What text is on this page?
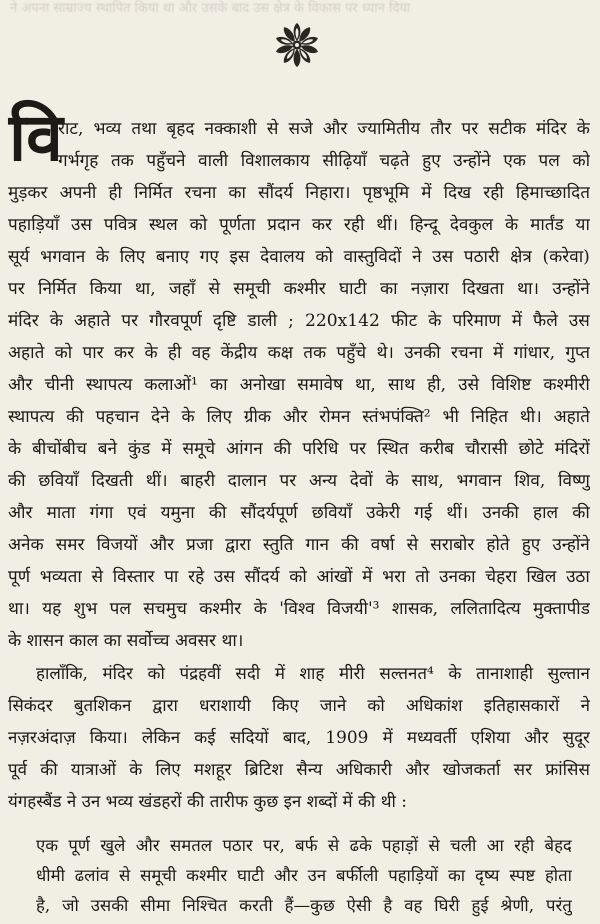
ने अपना साम्राज्य स्थापित किया था और उसके बाद उस क्षेत्र के विकास पर ध्यान दिया
वि
राट, भव्य तथा बृहद नक्काशी से सजे और ज्यामितीय तौर पर सटीक मंदिर के
गर्भगृह तक पहुँचने वाली विशालकाय सीढ़ियाँ चढ़ते हुए उन्होंने एक पल को
मुड़कर अपनी ही निर्मित रचना का सौंदर्य निहारा। पृष्ठभूमि में दिख रही हिमाच्छादित
पहाड़ियाँ उस पवित्र स्थल को पूर्णता प्रदान कर रही थीं। हिन्दू देवकुल के मार्तंड या
सूर्य भगवान के लिए बनाए गए इस देवालय को वास्तुविदों ने उस पठारी क्षेत्र (करेवा)
पर निर्मित किया था, जहाँ से समूची कश्मीर घाटी का नज़ारा दिखता था। उन्होंने
मंदिर के अहाते पर गौरवपूर्ण दृष्टि डाली ; 220x142 फीट के परिमाण में फैले उस
अहाते को पार कर के ही वह केंद्रीय कक्ष तक पहुँचे थे। उनकी रचना में गांधार, गुप्त
और चीनी स्थापत्य कलाओं¹ का अनोखा समावेष था, साथ ही, उसे विशिष्ट कश्मीरी
स्थापत्य की पहचान देने के लिए ग्रीक और रोमन स्तंभपंक्ति² भी निहित थी। अहाते
के बीचोंबीच बने कुंड में समूचे आंगन की परिधि पर स्थित करीब चौरासी छोटे मंदिरों
की छवियाँ दिखती थीं। बाहरी दालान पर अन्य देवों के साथ, भगवान शिव, विष्णु
और माता गंगा एवं यमुना की सौंदर्यपूर्ण छवियाँ उकेरी गई थीं। उनकी हाल की
अनेक समर विजयों और प्रजा द्वारा स्तुति गान की वर्षा से सराबोर होते हुए उन्होंने
पूर्ण भव्यता से विस्तार पा रहे उस सौंदर्य को आंखों में भरा तो उनका चेहरा खिल उठा
था। यह शुभ पल सचमुच कश्मीर के 'विश्व विजयी'³ शासक, ललितादित्य मुक्तापीड
के
शासन
काल
का
सर्वोच्च
अवसर
था।

हालाँकि, मंदिर को पंद्रहवीं सदी में शाह मीरी सल्तनत⁴ के तानाशाही सुल्तान
सिकंदर बुतशिकन द्वारा धराशायी किए जाने को अधिकांश इतिहासकारों ने
नज़रअंदाज़ किया। लेकिन कई सदियों बाद, 1909 में मध्यवर्ती एशिया और सुदूर
पूर्व की यात्राओं के लिए मशहूर ब्रिटिश सैन्य अधिकारी और खोजकर्ता सर फ्रांसिस
यंगहस्बैंड
ने
उन
भव्य
खंडहरों
की
तारीफ
कुछ
इन
शब्दों
में
की
थी
:

एक पूर्ण खुले और समतल पठार पर, बर्फ से ढके पहाड़ों से चली आ रही बेहद
धीमी ढलांव से समूची कश्मीर घाटी और उन बर्फीली पहाड़ियों का दृष्य स्पष्ट होता
है, जो उसकी सीमा निश्चित करती हैं—कुछ ऐसी है वह घिरी हुई श्रेणी, परंतु
